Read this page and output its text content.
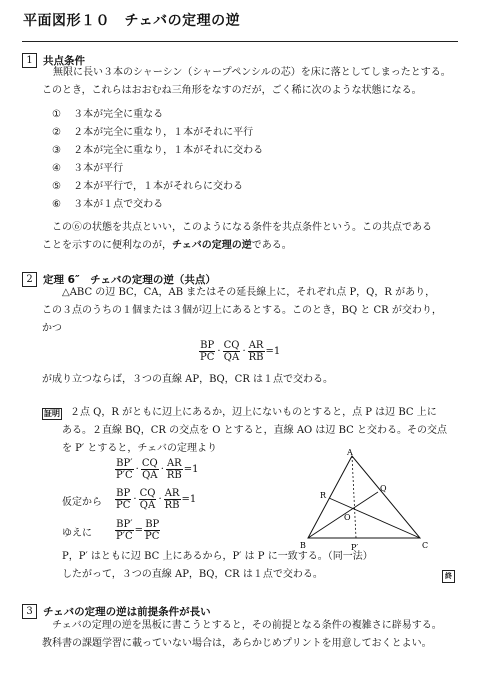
平面図形１０　チェバの定理の逆
1 共点条件
無限に長い３本のシャーシン（シャープペンシルの芯）を床に落としてしまったとする。
このとき，これらはおおむね三角形をなすのだが，ごく稀に次のような状態になる。
① ３本が完全に重なる
② ２本が完全に重なり，１本がそれに平行
③ ２本が完全に重なり，１本がそれに交わる
④ ３本が平行
⑤ ２本が平行で，１本がそれらに交わる
⑥ ３本が１点で交わる
この⑥の状態を共点といい，このようになる条件を共点条件という。この共点である
ことを示すのに便利なのが，チェバの定理の逆である。
2 定理 6″　チェバの定理の逆（共点）
△ABC の辺 BC，CA，AB またはその延長線上に，それぞれ点 P，Q，R があり，
この３点のうちの１個または３個が辺上にあるとする。このとき，BQ と CR が交わり，
かつ
$\frac{BP}{PC} \cdot \frac{CQ}{QA} \cdot \frac{AR}{RB} =1$
が成り立つならば，３つの直線 AP，BQ，CR は１点で交わる。
証明 ２点 Q，R がともに辺上にあるか，辺上にないものとすると，点 P は辺 BC 上に
ある。２直線 BQ，CR の交点を O とすると，直線 AO は辺 BC と交わる。その交点
を P′ とすると，チェバの定理より
$\frac{BP'}{P'C} \cdot \frac{CQ}{QA} \cdot \frac{AR}{RB} =1$
仮定から $\frac{BP}{PC} \cdot \frac{CQ}{QA} \cdot \frac{AR}{RB} =1$
ゆえに $\frac{BP'}{P'C} = \frac{BP}{PC}$
P，P′ はともに辺 BC 上にあるから，P′ は P に一致する。（同一法）
したがって，３つの直線 AP，BQ，CR は１点で交わる。	終
A
B	C
P′
Q
R
O
3 チェバの定理の逆は前提条件が長い
チェバの定理の逆を黒板に書こうとすると，その前提となる条件の複雑さに辟易する。
教科書の課題学習に載っていない場合は，あらかじめプリントを用意しておくとよい。
